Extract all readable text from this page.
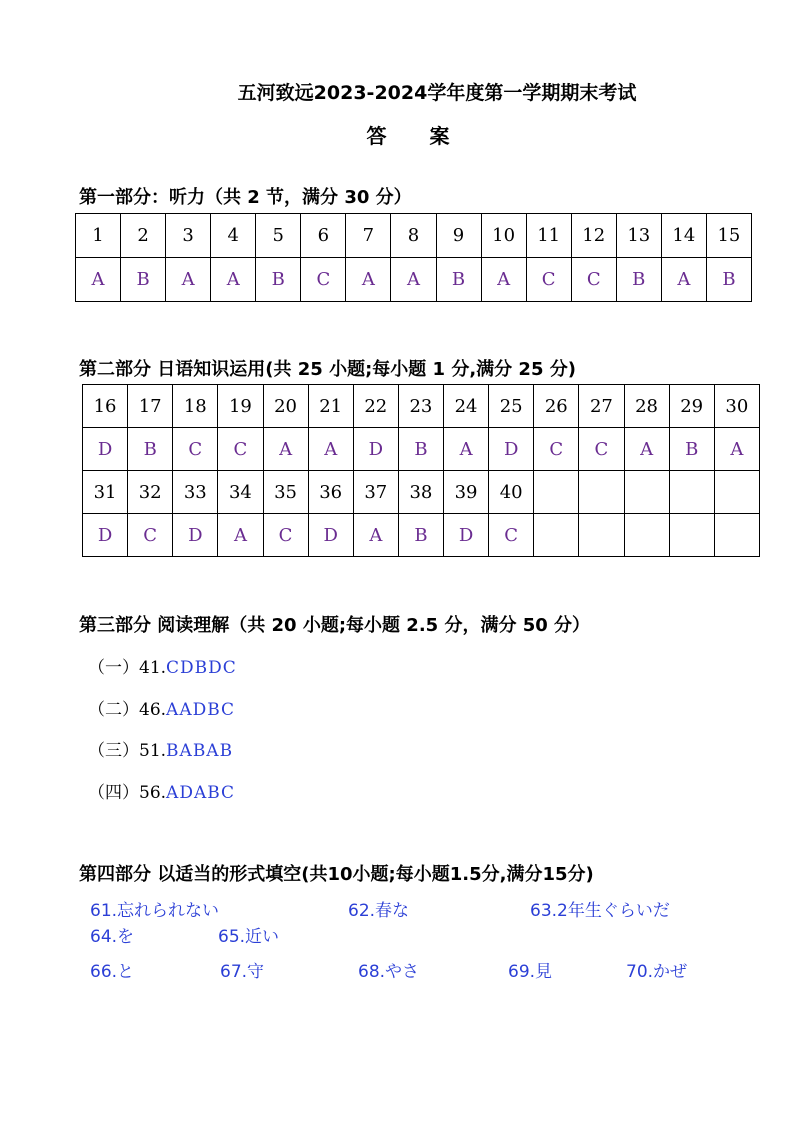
五河致远2023-2024学年度第一学期期末考试
答 案
第一部分：听力（共 2 节，满分 30 分）
1	2	3	4	5	6	7	8	9	10	11	12	13	14	15
A	B	A	A	B	C	A	A	B	A	C	C	B	A	B
第二部分 日语知识运用(共 25 小题;每小题 1 分,满分 25 分)
16	17	18	19	20	21	22	23	24	25	26	27	28	29	30
D	B	C	C	A	A	D	B	A	D	C	C	A	B	A
31	32	33	34	35	36	37	38	39	40					
D	C	D	A	C	D	A	B	D	C					
第三部分 阅读理解（共 20 小题;每小题 2.5 分，满分 50 分）
（一）41.CDBDC
（二）46.AADBC
（三）51.BABAB
（四）56.ADABC
第四部分 以适当的形式填空(共10小题;每小题1.5分,满分15分)
61.忘れられない	62.春な	63.2年生ぐらいだ
64.を	65.近い
66.と	67.守	68.やさ	69.見	70.かぜ
